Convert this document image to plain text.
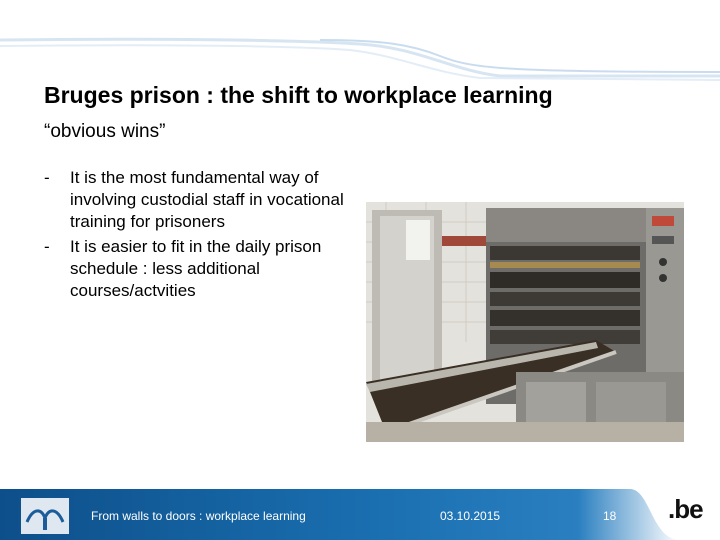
Bruges prison : the shift to workplace learning
“obvious wins”
- It is the most fundamental way of involving custodial staff in vocational training for prisoners
- It is easier to fit in the daily prison schedule : less additional courses/actvities
From walls to doors : workplace learning	03.10.2015	18 .be
